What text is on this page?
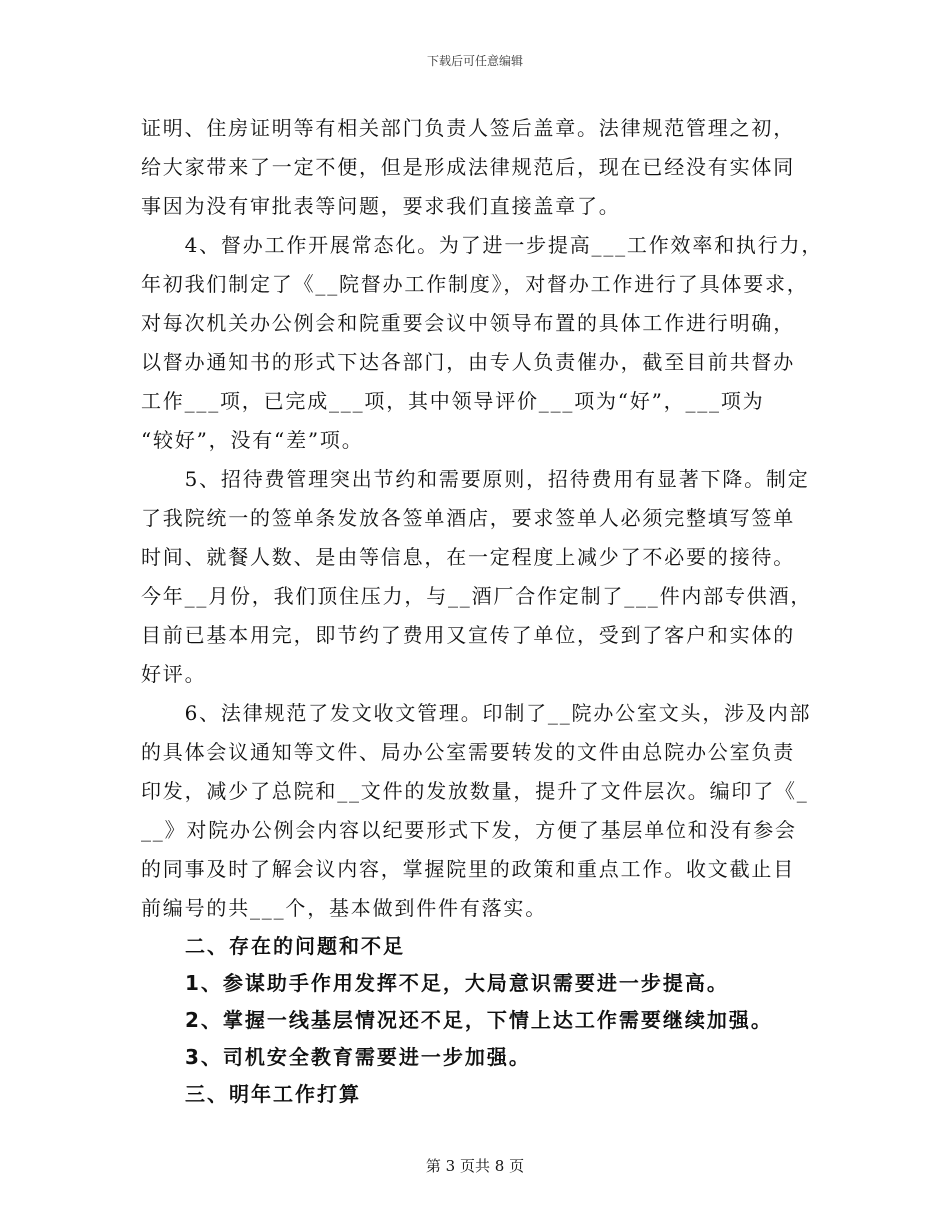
下载后可任意编辑
证明、住房证明等有相关部门负责人签后盖章。法律规范管理之初，
给大家带来了一定不便，但是形成法律规范后，现在已经没有实体同
事因为没有审批表等问题，要求我们直接盖章了。
　　4、督办工作开展常态化。为了进一步提高___工作效率和执行力，
年初我们制定了《__院督办工作制度》，对督办工作进行了具体要求，
对每次机关办公例会和院重要会议中领导布置的具体工作进行明确，
以督办通知书的形式下达各部门，由专人负责催办，截至目前共督办
工作___项，已完成___项，其中领导评价___项为“好”，___项为
“较好”，没有“差”项。
　　5、招待费管理突出节约和需要原则，招待费用有显著下降。制定
了我院统一的签单条发放各签单酒店，要求签单人必须完整填写签单
时间、就餐人数、是由等信息，在一定程度上减少了不必要的接待。
今年__月份，我们顶住压力，与__酒厂合作定制了___件内部专供酒，
目前已基本用完，即节约了费用又宣传了单位，受到了客户和实体的
好评。
　　6、法律规范了发文收文管理。印制了__院办公室文头，涉及内部
的具体会议通知等文件、局办公室需要转发的文件由总院办公室负责
印发，减少了总院和__文件的发放数量，提升了文件层次。编印了《_
__》对院办公例会内容以纪要形式下发，方便了基层单位和没有参会
的同事及时了解会议内容，掌握院里的政策和重点工作。收文截止目
前编号的共___个，基本做到件件有落实。
　　二、存在的问题和不足
　　1、参谋助手作用发挥不足，大局意识需要进一步提高。
　　2、掌握一线基层情况还不足，下情上达工作需要继续加强。
　　3、司机安全教育需要进一步加强。
　　三、明年工作打算
第 3 页共 8 页
